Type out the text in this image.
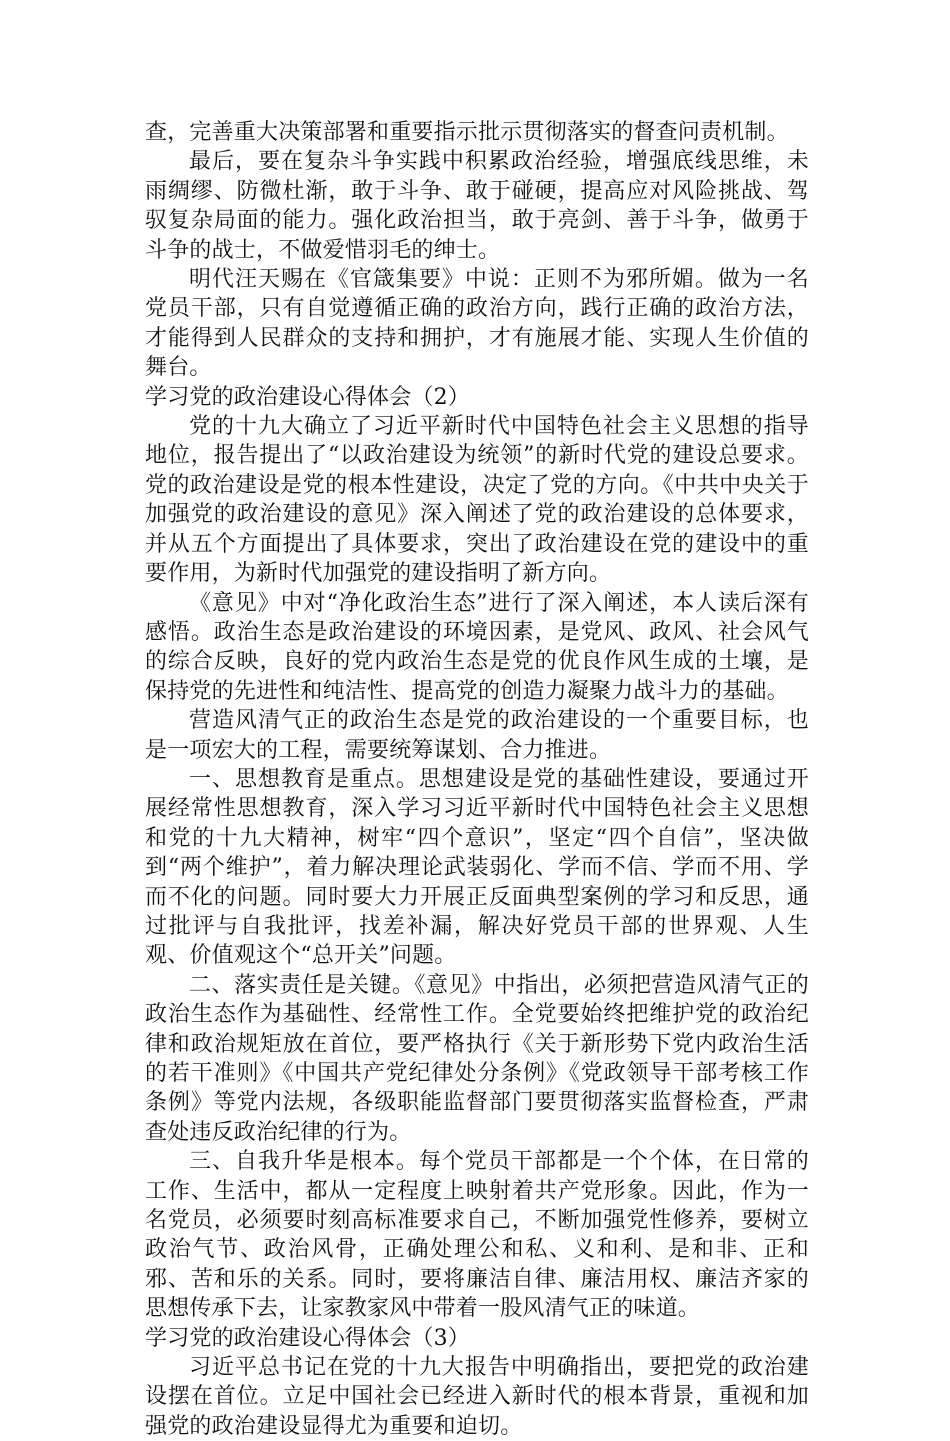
查，完善重大决策部署和重要指示批示贯彻落实的督查问责机制。

最后，要在复杂斗争实践中积累政治经验，增强底线思维，未雨绸缪、防微杜渐，敢于斗争、敢于碰硬，提高应对风险挑战、驾驭复杂局面的能力。强化政治担当，敢于亮剑、善于斗争，做勇于斗争的战士，不做爱惜羽毛的绅士。

明代汪天赐在《官箴集要》中说：正则不为邪所媚。做为一名党员干部，只有自觉遵循正确的政治方向，践行正确的政治方法，才能得到人民群众的支持和拥护，才有施展才能、实现人生价值的舞台。

学习党的政治建设心得体会（2）

党的十九大确立了习近平新时代中国特色社会主义思想的指导地位，报告提出了“以政治建设为统领”的新时代党的建设总要求。党的政治建设是党的根本性建设，决定了党的方向。《中共中央关于加强党的政治建设的意见》深入阐述了党的政治建设的总体要求，并从五个方面提出了具体要求，突出了政治建设在党的建设中的重要作用，为新时代加强党的建设指明了新方向。

《意见》中对“净化政治生态”进行了深入阐述，本人读后深有感悟。政治生态是政治建设的环境因素，是党风、政风、社会风气的综合反映，良好的党内政治生态是党的优良作风生成的土壤，是保持党的先进性和纯洁性、提高党的创造力凝聚力战斗力的基础。

营造风清气正的政治生态是党的政治建设的一个重要目标，也是一项宏大的工程，需要统筹谋划、合力推进。

一、思想教育是重点。思想建设是党的基础性建设，要通过开展经常性思想教育，深入学习习近平新时代中国特色社会主义思想和党的十九大精神，树牢“四个意识”，坚定“四个自信”，坚决做到“两个维护”，着力解决理论武装弱化、学而不信、学而不用、学而不化的问题。同时要大力开展正反面典型案例的学习和反思，通过批评与自我批评，找差补漏，解决好党员干部的世界观、人生观、价值观这个“总开关”问题。

二、落实责任是关键。《意见》中指出，必须把营造风清气正的政治生态作为基础性、经常性工作。全党要始终把维护党的政治纪律和政治规矩放在首位，要严格执行《关于新形势下党内政治生活的若干准则》《中国共产党纪律处分条例》《党政领导干部考核工作条例》等党内法规，各级职能监督部门要贯彻落实监督检查，严肃查处违反政治纪律的行为。

三、自我升华是根本。每个党员干部都是一个个体，在日常的工作、生活中，都从一定程度上映射着共产党形象。因此，作为一名党员，必须要时刻高标准要求自己，不断加强党性修养，要树立政治气节、政治风骨，正确处理公和私、义和利、是和非、正和邪、苦和乐的关系。同时，要将廉洁自律、廉洁用权、廉洁齐家的思想传承下去，让家教家风中带着一股风清气正的味道。

学习党的政治建设心得体会（3）

习近平总书记在党的十九大报告中明确指出，要把党的政治建设摆在首位。立足中国社会已经进入新时代的根本背景，重视和加强党的政治建设显得尤为重要和迫切。
